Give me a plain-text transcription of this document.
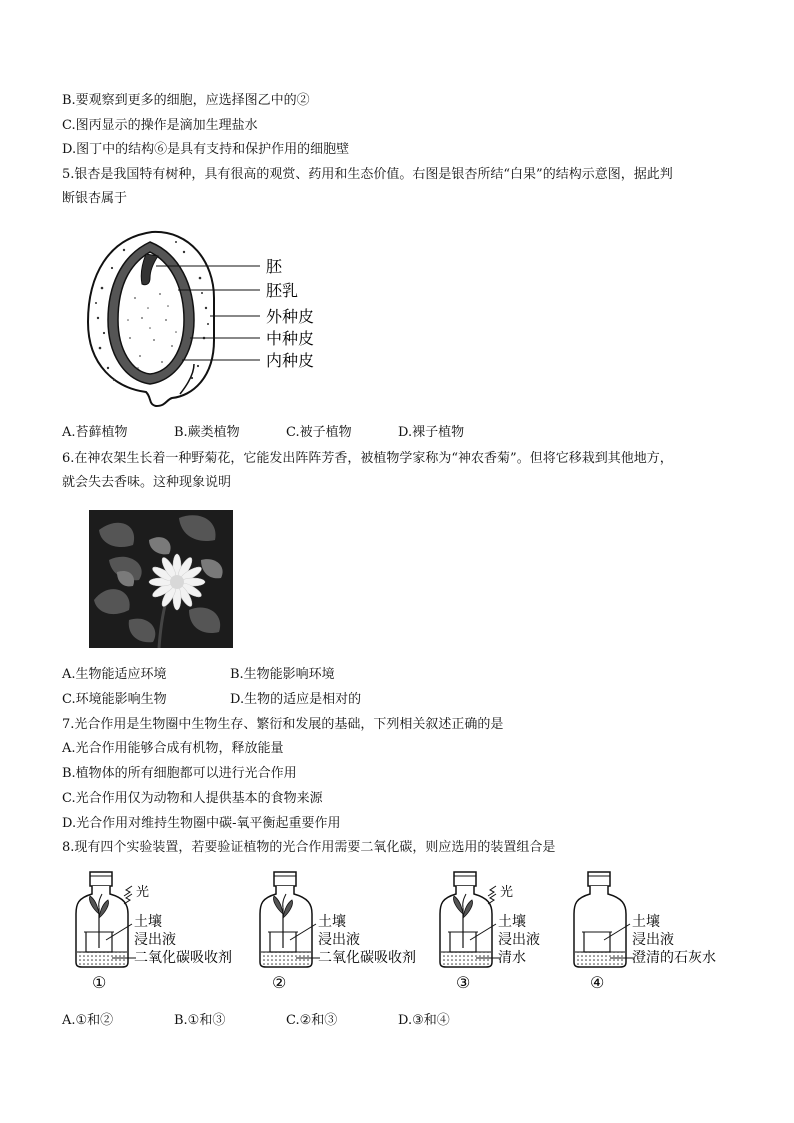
B.要观察到更多的细胞，应选择图乙中的②
C.图丙显示的操作是滴加生理盐水
D.图丁中的结构⑥是具有支持和保护作用的细胞壁
5.银杏是我国特有树种，具有很高的观赏、药用和生态价值。右图是银杏所结“白果”的结构示意图，据此判
断银杏属于
胚
胚乳
外种皮
中种皮
内种皮
A.苔藓植物	B.蕨类植物	C.被子植物	D.裸子植物
6.在神农架生长着一种野菊花，它能发出阵阵芳香，被植物学家称为“神农香菊”。但将它移栽到其他地方，
就会失去香味。这种现象说明
A.生物能适应环境	B.生物能影响环境
C.环境能影响生物	D.生物的适应是相对的
7.光合作用是生物圈中生物生存、繁衍和发展的基础，下列相关叙述正确的是
A.光合作用能够合成有机物，释放能量
B.植物体的所有细胞都可以进行光合作用
C.光合作用仅为动物和人提供基本的食物来源
D.光合作用对维持生物圈中碳-氧平衡起重要作用
8.现有四个实验装置，若要验证植物的光合作用需要二氧化碳，则应选用的装置组合是
光
土壤
浸出液
二氧化碳吸收剂
①
土壤
浸出液
二氧化碳吸收剂
②
光
土壤
浸出液
清水
③
土壤
浸出液
澄清的石灰水
④
A.①和②	B.①和③	C.②和③	D.③和④
